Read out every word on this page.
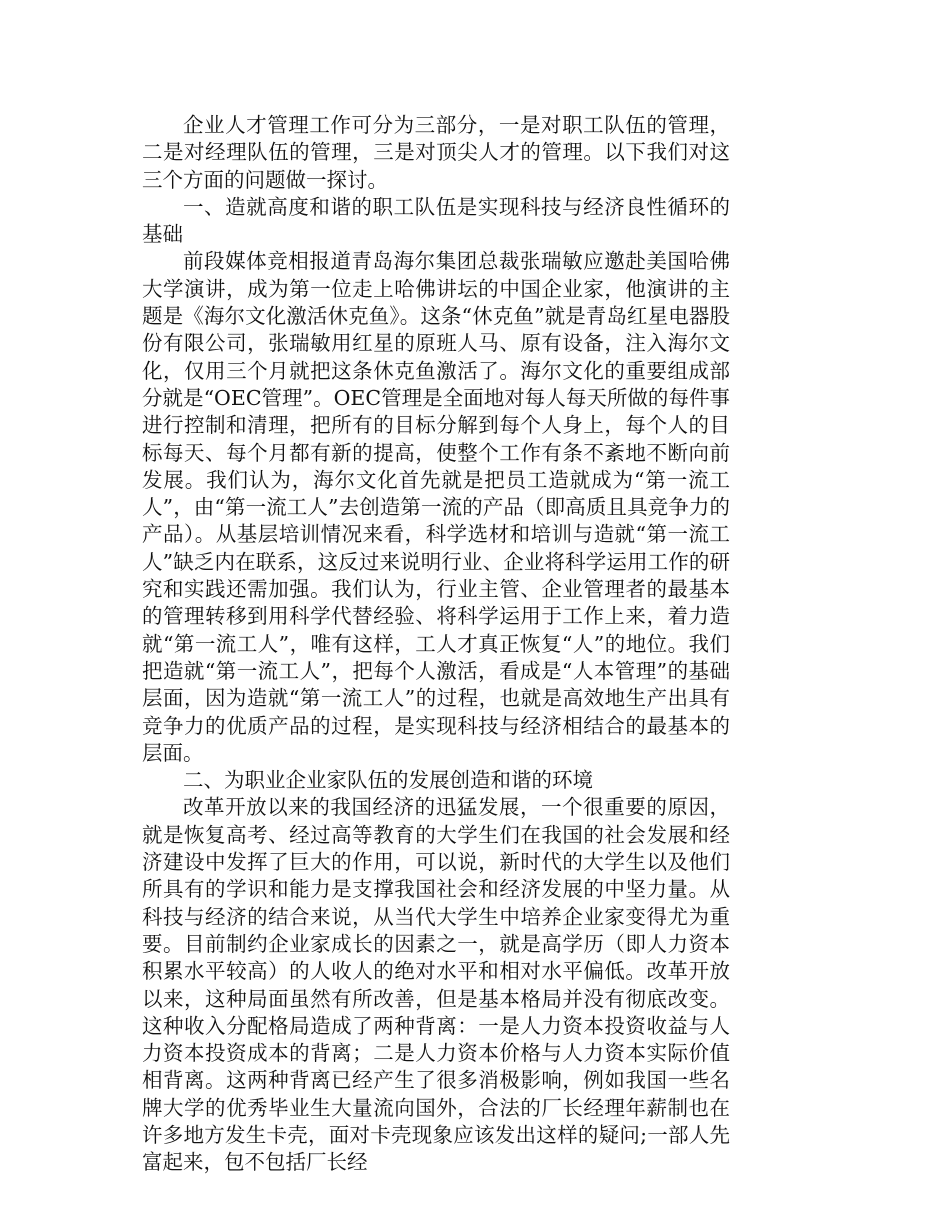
企业人才管理工作可分为三部分，一是对职工队伍的管理，二是对经理队伍的管理，三是对顶尖人才的管理。以下我们对这三个方面的问题做一探讨。

一、造就高度和谐的职工队伍是实现科技与经济良性循环的基础

前段媒体竞相报道青岛海尔集团总裁张瑞敏应邀赴美国哈佛大学演讲，成为第一位走上哈佛讲坛的中国企业家，他演讲的主题是《海尔文化激活休克鱼》。这条“休克鱼”就是青岛红星电器股份有限公司，张瑞敏用红星的原班人马、原有设备，注入海尔文化，仅用三个月就把这条休克鱼激活了。海尔文化的重要组成部分就是“OEC管理”。OEC管理是全面地对每人每天所做的每件事进行控制和清理，把所有的目标分解到每个人身上，每个人的目标每天、每个月都有新的提高，使整个工作有条不紊地不断向前发展。我们认为，海尔文化首先就是把员工造就成为“第一流工人”，由“第一流工人”去创造第一流的产品（即高质且具竞争力的产品）。从基层培训情况来看，科学选材和培训与造就“第一流工人”缺乏内在联系，这反过来说明行业、企业将科学运用工作的研究和实践还需加强。我们认为，行业主管、企业管理者的最基本的管理转移到用科学代替经验、将科学运用于工作上来，着力造就“第一流工人”，唯有这样，工人才真正恢复“人”的地位。我们把造就“第一流工人”，把每个人激活，看成是“人本管理”的基础层面，因为造就“第一流工人”的过程，也就是高效地生产出具有竞争力的优质产品的过程，是实现科技与经济相结合的最基本的层面。

二、为职业企业家队伍的发展创造和谐的环境

改革开放以来的我国经济的迅猛发展，一个很重要的原因，就是恢复高考、经过高等教育的大学生们在我国的社会发展和经济建设中发挥了巨大的作用，可以说，新时代的大学生以及他们所具有的学识和能力是支撑我国社会和经济发展的中坚力量。从科技与经济的结合来说，从当代大学生中培养企业家变得尤为重要。目前制约企业家成长的因素之一，就是高学历（即人力资本积累水平较高）的人收人的绝对水平和相对水平偏低。改革开放以来，这种局面虽然有所改善，但是基本格局并没有彻底改变。这种收入分配格局造成了两种背离：一是人力资本投资收益与人力资本投资成本的背离；二是人力资本价格与人力资本实际价值相背离。这两种背离已经产生了很多消极影响，例如我国一些名牌大学的优秀毕业生大量流向国外，合法的厂长经理年薪制也在许多地方发生卡壳，面对卡壳现象应该发出这样的疑问;一部人先富起来，包不包括厂长经
